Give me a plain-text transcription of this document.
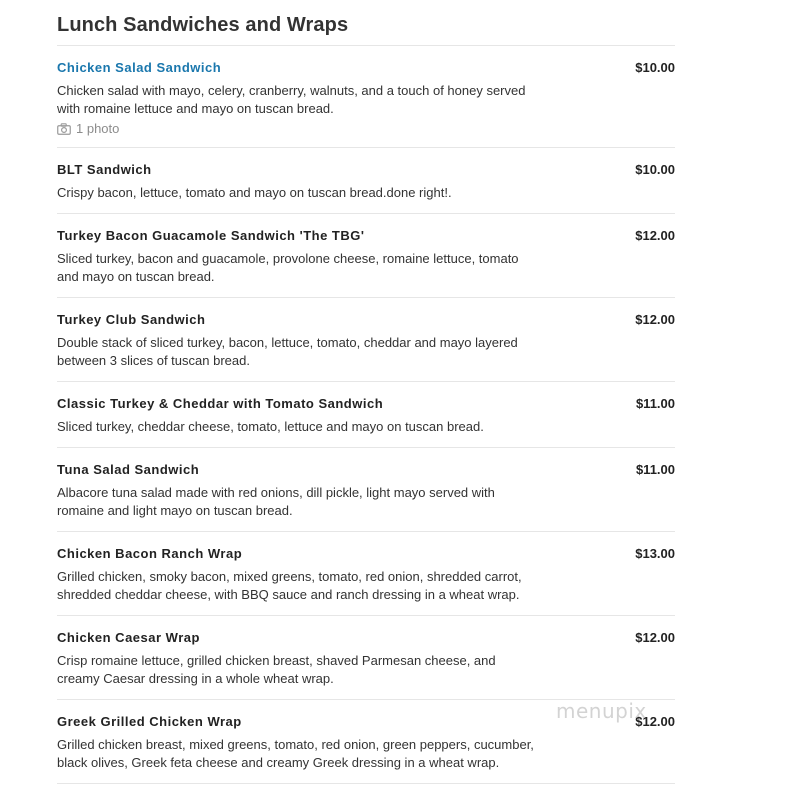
Lunch Sandwiches and Wraps
Chicken Salad Sandwich	$10.00
Chicken salad with mayo, celery, cranberry, walnuts, and a touch of honey served with romaine lettuce and mayo on tuscan bread.
1 photo
BLT Sandwich	$10.00
Crispy bacon, lettuce, tomato and mayo on tuscan bread.done right!.
Turkey Bacon Guacamole Sandwich 'The TBG'	$12.00
Sliced turkey, bacon and guacamole, provolone cheese, romaine lettuce, tomato and mayo on tuscan bread.
Turkey Club Sandwich	$12.00
Double stack of sliced turkey, bacon, lettuce, tomato, cheddar and mayo layered between 3 slices of tuscan bread.
Classic Turkey & Cheddar with Tomato Sandwich	$11.00
Sliced turkey, cheddar cheese, tomato, lettuce and mayo on tuscan bread.
Tuna Salad Sandwich	$11.00
Albacore tuna salad made with red onions, dill pickle, light mayo served with romaine and light mayo on tuscan bread.
Chicken Bacon Ranch Wrap	$13.00
Grilled chicken, smoky bacon, mixed greens, tomato, red onion, shredded carrot, shredded cheddar cheese, with BBQ sauce and ranch dressing in a wheat wrap.
Chicken Caesar Wrap	$12.00
Crisp romaine lettuce, grilled chicken breast, shaved Parmesan cheese, and creamy Caesar dressing in a whole wheat wrap.
Greek Grilled Chicken Wrap	$12.00
Grilled chicken breast, mixed greens, tomato, red onion, green peppers, cucumber, black olives, Greek feta cheese and creamy Greek dressing in a wheat wrap.
menupix
